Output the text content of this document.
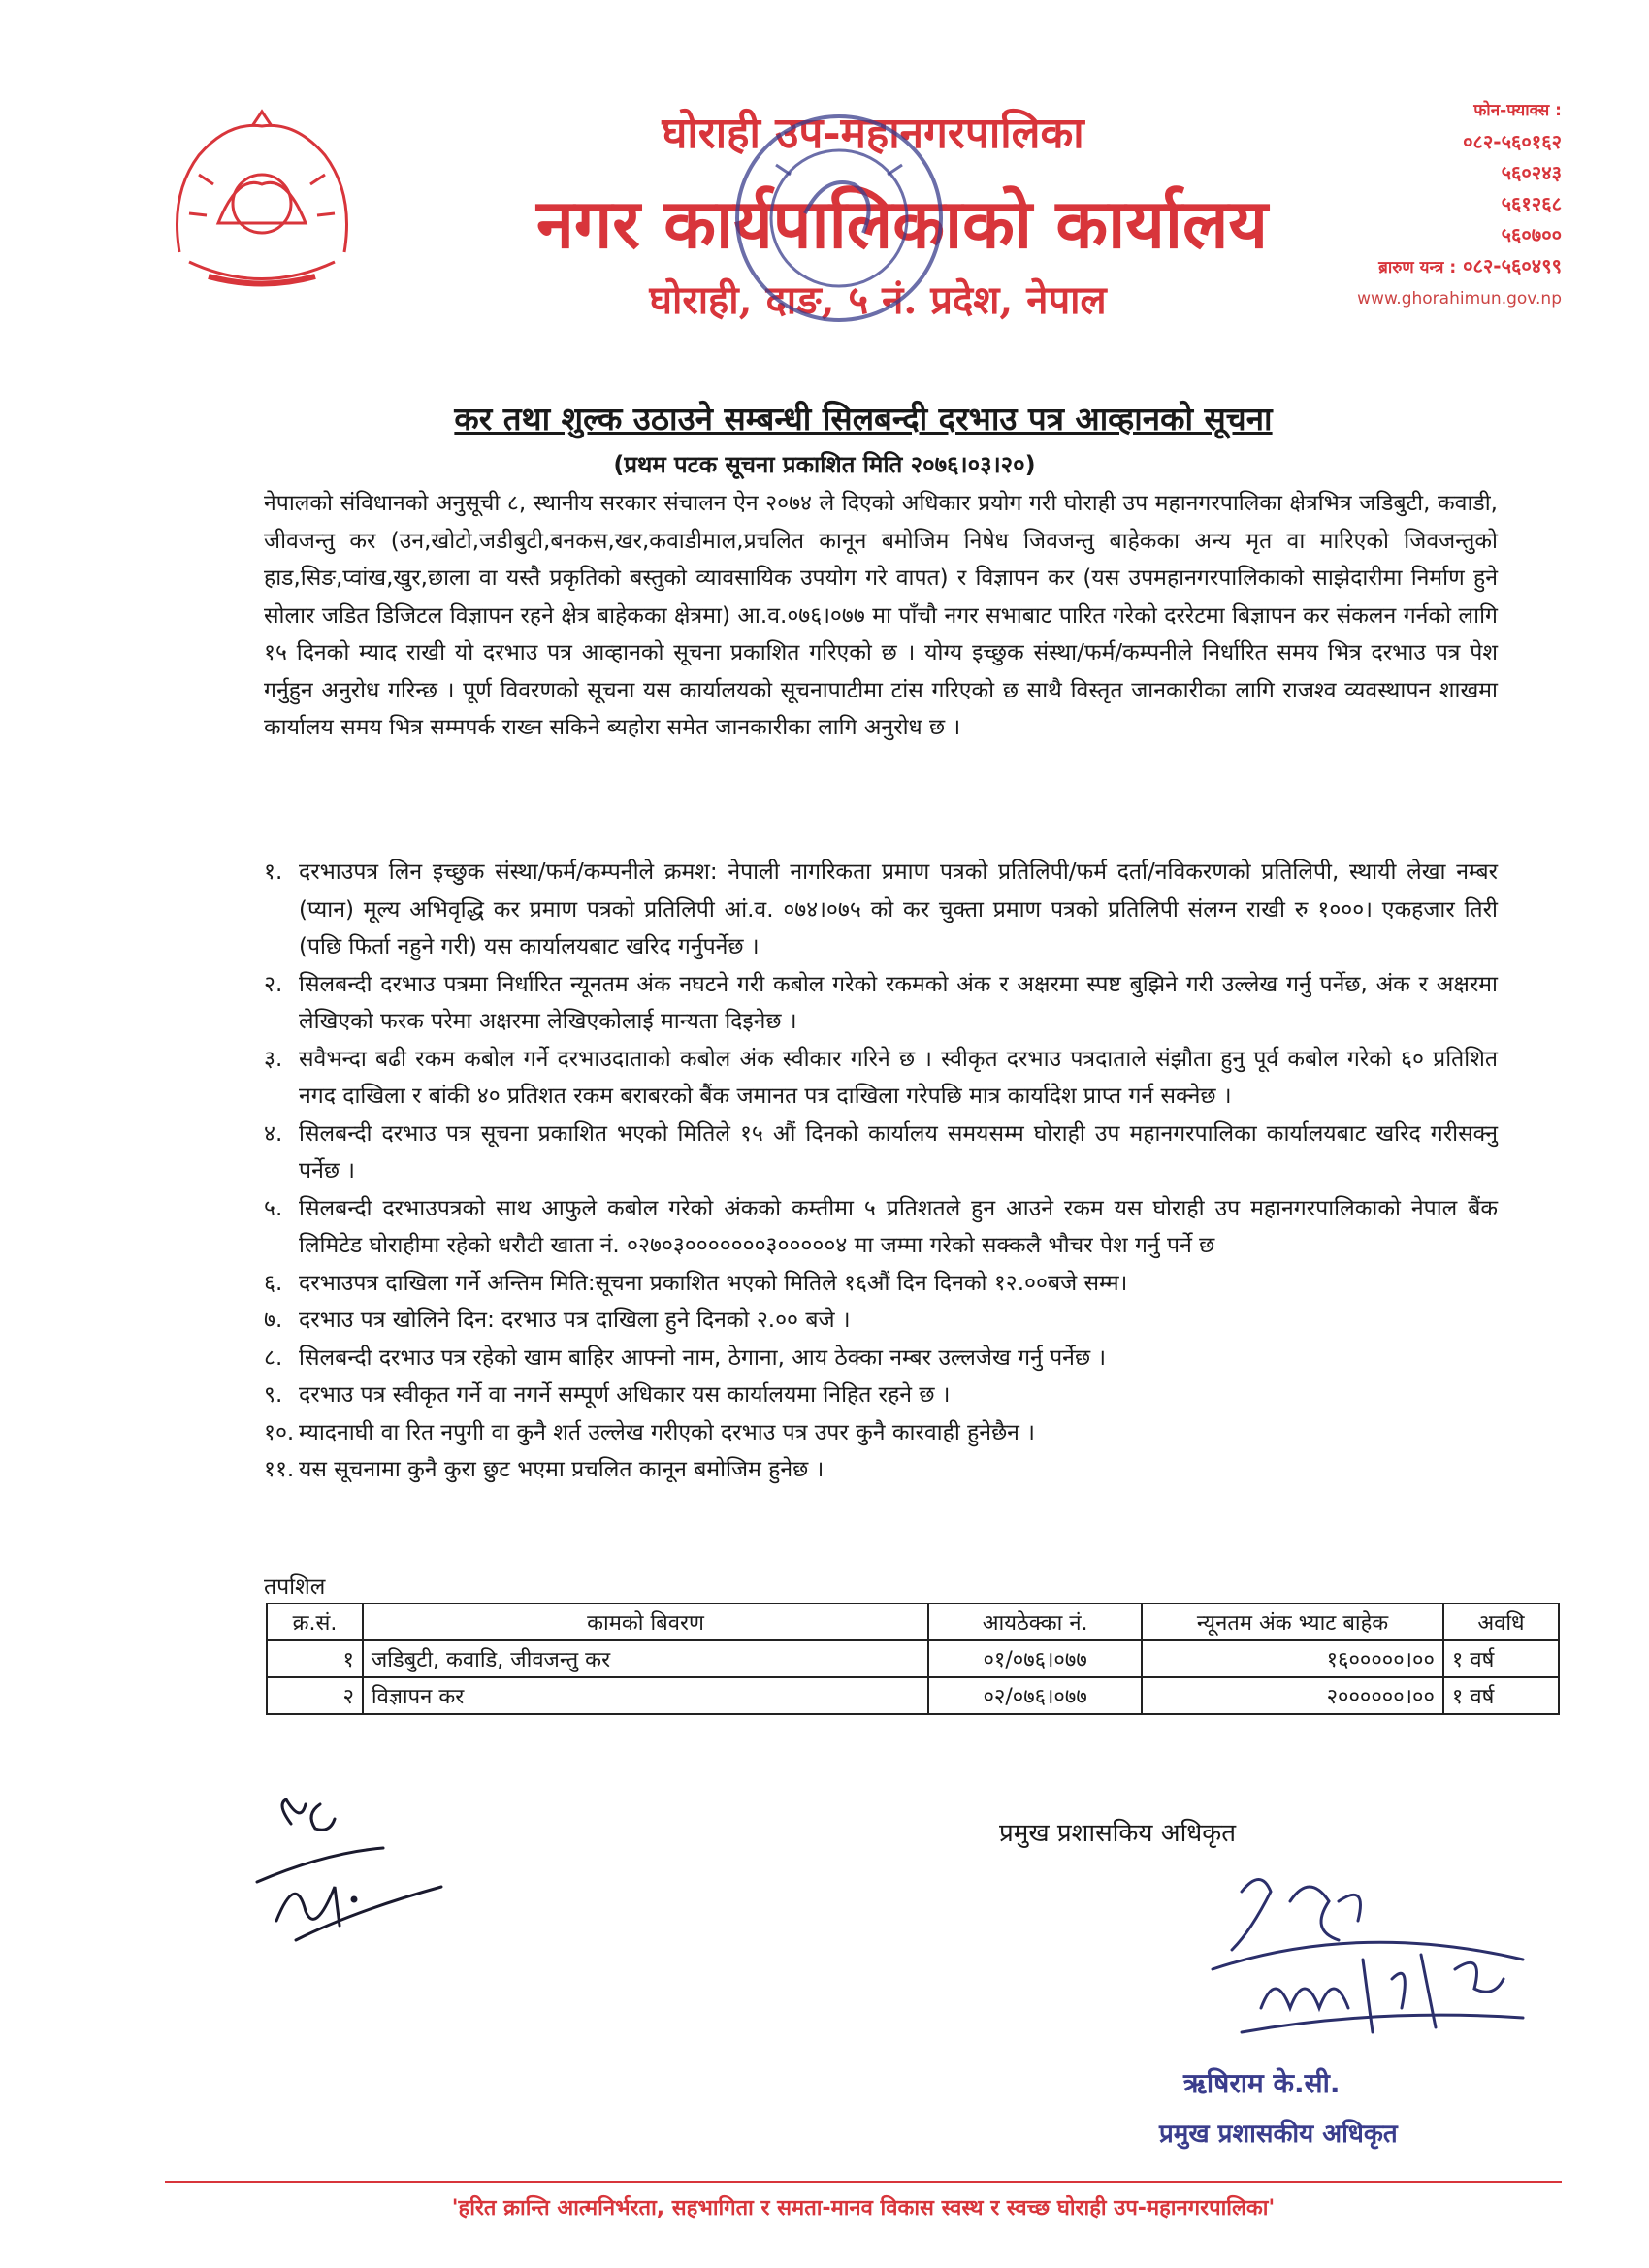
घोराही उप-महानगरपालिका
नगर कार्यपालिकाको कार्यालय
घोराही, दाङ, ५ नं. प्रदेश, नेपाल
फोन-फ्याक्स :
०८२-५६०१६२
५६०२४३
५६१२६८
५६०७००
ब्रारुण यन्त्र : ०८२-५६०४९९
www.ghorahimun.gov.np
कर तथा शुल्क उठाउने सम्बन्धी सिलबन्दी दरभाउ पत्र आव्हानको सूचना
(प्रथम पटक सूचना प्रकाशित मिति २०७६।०३।२०)

नेपालको संविधानको अनुसूची ८, स्थानीय सरकार संचालन ऐन २०७४ ले दिएको अधिकार प्रयोग गरी घोराही उप महानगरपालिका क्षेत्रभित्र जडिबुटी, कवाडी, जीवजन्तु कर (उन,खोटो,जडीबुटी,बनकस,खर,कवाडीमाल,प्रचलित कानून बमोजिम निषेध जिवजन्तु बाहेकका अन्य मृत वा मारिएको जिवजन्तुको हाड,सिङ,प्वांख,खुर,छाला वा यस्तै प्रकृतिको बस्तुको व्यावसायिक उपयोग गरे वापत) र विज्ञापन कर (यस उपमहानगरपालिकाको साझेदारीमा निर्माण हुने सोलार जडित डिजिटल विज्ञापन रहने क्षेत्र बाहेकका क्षेत्रमा) आ.व.०७६।०७७ मा पाँचौ नगर सभाबाट पारित गरेको दररेटमा बिज्ञापन कर संकलन गर्नको लागि १५ दिनको म्याद राखी यो दरभाउ पत्र आव्हानको सूचना प्रकाशित गरिएको छ । योग्य इच्छुक संस्था/फर्म/कम्पनीले निर्धारित समय भित्र दरभाउ पत्र पेश गर्नुहुन अनुरोध गरिन्छ । पूर्ण विवरणको सूचना यस कार्यालयको सूचनापाटीमा टांस गरिएको छ साथै विस्तृत जानकारीका लागि राजश्व व्यवस्थापन शाखमा कार्यालय समय भित्र सम्मपर्क राख्न सकिने ब्यहोरा समेत जानकारीका लागि अनुरोध छ ।

१. दरभाउपत्र लिन इच्छुक संस्था/फर्म/कम्पनीले क्रमश: नेपाली नागरिकता प्रमाण पत्रको प्रतिलिपी/फर्म दर्ता/नविकरणको प्रतिलिपी, स्थायी लेखा नम्बर (प्यान) मूल्य अभिवृद्धि कर प्रमाण पत्रको प्रतिलिपी आं.व. ०७४।०७५ को कर चुक्ता प्रमाण पत्रको प्रतिलिपी संलग्न राखी रु १०००। एकहजार तिरी (पछि फिर्ता नहुने गरी) यस कार्यालयबाट खरिद गर्नुपर्नेछ ।
२. सिलबन्दी दरभाउ पत्रमा निर्धारित न्यूनतम अंक नघटने गरी कबोल गरेको रकमको अंक र अक्षरमा स्पष्ट बुझिने गरी उल्लेख गर्नु पर्नेछ, अंक र अक्षरमा लेखिएको फरक परेमा अक्षरमा लेखिएकोलाई मान्यता दिइनेछ ।
३. सवैभन्दा बढी रकम कबोल गर्ने दरभाउदाताको कबोल अंक स्वीकार गरिने छ । स्वीकृत दरभाउ पत्रदाताले संझौता हुनु पूर्व कबोल गरेको ६० प्रतिशित नगद दाखिला र बांकी ४० प्रतिशत रकम बराबरको बैंक जमानत पत्र दाखिला गरेपछि मात्र कार्यादेश प्राप्त गर्न सक्नेछ ।
४. सिलबन्दी दरभाउ पत्र सूचना प्रकाशित भएको मितिले १५ औं दिनको कार्यालय समयसम्म घोराही उप महानगरपालिका कार्यालयबाट खरिद गरीसक्नु पर्नेछ ।
५. सिलबन्दी दरभाउपत्रको साथ आफुले कबोल गरेको अंकको कम्तीमा ५ प्रतिशतले हुन आउने रकम यस घोराही उप महानगरपालिकाको नेपाल बैंक लिमिटेड घोराहीमा रहेको धरौटी खाता नं. ०२७०३०००००००३०००००४ मा जम्मा गरेको सक्कलै भौचर पेश गर्नु पर्ने छ
६. दरभाउपत्र दाखिला गर्ने अन्तिम मिति:सूचना प्रकाशित भएको मितिले १६औं दिन दिनको १२.००बजे सम्म।
७. दरभाउ पत्र खोलिने दिन: दरभाउ पत्र दाखिला हुने दिनको २.०० बजे ।
८. सिलबन्दी दरभाउ पत्र रहेको खाम बाहिर आफ्नो नाम, ठेगाना, आय ठेक्का नम्बर उल्लजेख गर्नु पर्नेछ ।
९. दरभाउ पत्र स्वीकृत गर्ने वा नगर्ने सम्पूर्ण अधिकार यस कार्यालयमा निहित रहने छ ।
१०. म्यादनाघी वा रित नपुगी वा कुनै शर्त उल्लेख गरीएको दरभाउ पत्र उपर कुनै कारवाही हुनेछैन ।
११. यस सूचनामा कुनै कुरा छुट भएमा प्रचलित कानून बमोजिम हुनेछ ।
तपशिल
क्र.सं.	कामको बिवरण	आयठेक्का नं.	न्यूनतम अंक भ्याट बाहेक	अवधि
१	जडिबुटी, कवाडि, जीवजन्तु कर	०१/०७६।०७७	१६०००००।००	१ वर्ष
२	विज्ञापन कर	०२/०७६।०७७	२००००००।००	१ वर्ष
प्रमुख प्रशासकिय अधिकृत
ऋषिराम के.सी.
प्रमुख प्रशासकीय अधिकृत
'हरित क्रान्ति आत्मनिर्भरता, सहभागिता र समता-मानव विकास स्वस्थ र स्वच्छ घोराही उप-महानगरपालिका'
